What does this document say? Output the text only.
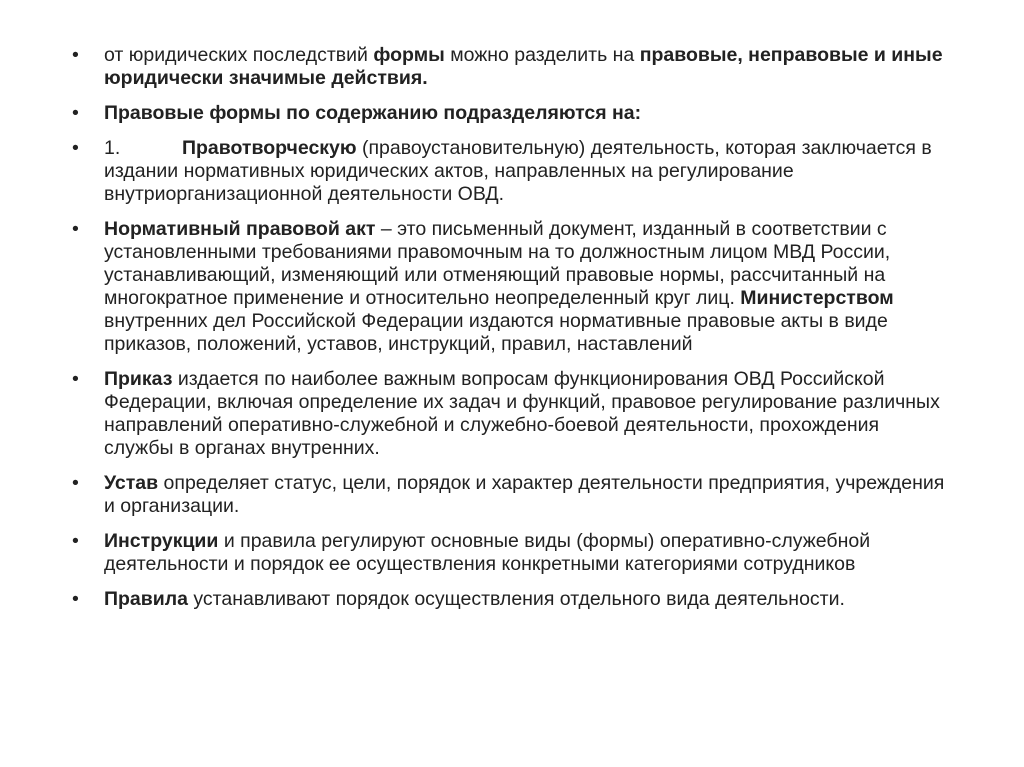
•	от юридических последствий формы можно разделить на правовые, неправовые и иные юридически значимые действия.
•	Правовые формы по содержанию подразделяются на:
•	1.	Правотворческую (правоустановительную) деятельность, которая заключается в издании нормативных юридических актов, направленных на регулирование внутриорганизационной деятельности ОВД.
•	Нормативный правовой акт – это письменный документ, изданный в соответствии с установленными требованиями правомочным на то должностным лицом МВД России, устанавливающий, изменяющий или отменяющий правовые нормы, рассчитанный на многократное применение и относительно неопределенный круг лиц. Министерством внутренних дел Российской Федерации издаются нормативные правовые акты в виде приказов, положений, уставов, инструкций, правил, наставлений
•	Приказ издается по наиболее важным вопросам функционирования ОВД Российской Федерации, включая определение их задач и функций, правовое регулирование различных направлений оперативно-служебной и служебно-боевой деятельности, прохождения службы в органах внутренних.
•	Устав определяет статус, цели, порядок и характер деятельности предприятия, учреждения и организации.
•	Инструкции и правила регулируют основные виды (формы) оперативно-служебной деятельности и порядок ее осуществления конкретными категориями сотрудников
•	Правила устанавливают порядок осуществления отдельного вида деятельности.
